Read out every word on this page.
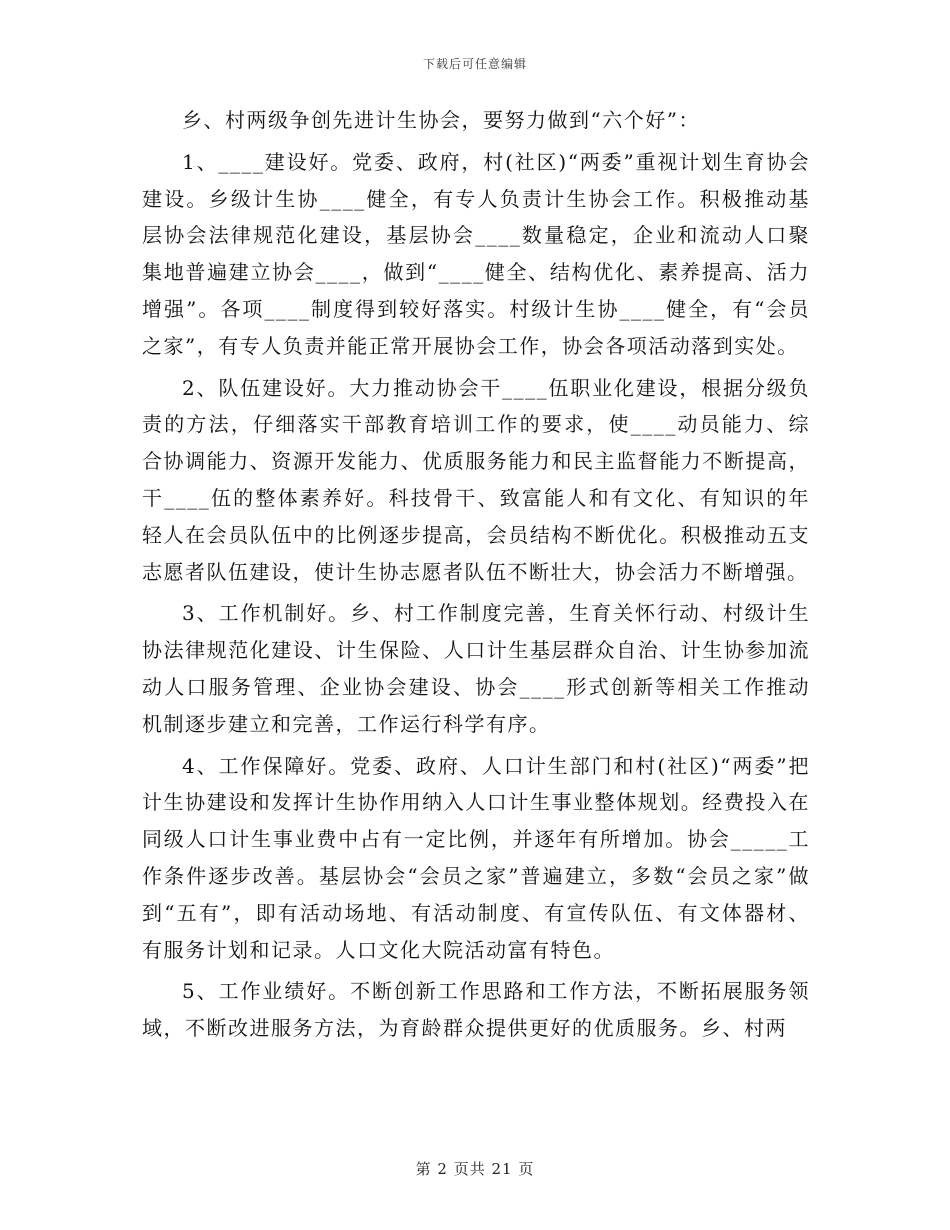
下载后可任意编辑

乡、村两级争创先进计生协会，要努力做到“六个好”：

1、____建设好。党委、政府，村(社区)“两委”重视计划生育协会建设。乡级计生协____健全，有专人负责计生协会工作。积极推动基层协会法律规范化建设，基层协会____数量稳定，企业和流动人口聚集地普遍建立协会____，做到“____健全、结构优化、素养提高、活力增强”。各项____制度得到较好落实。村级计生协____健全，有“会员之家”，有专人负责并能正常开展协会工作，协会各项活动落到实处。

2、队伍建设好。大力推动协会干____伍职业化建设，根据分级负责的方法，仔细落实干部教育培训工作的要求，使____动员能力、综合协调能力、资源开发能力、优质服务能力和民主监督能力不断提高，干____伍的整体素养好。科技骨干、致富能人和有文化、有知识的年轻人在会员队伍中的比例逐步提高，会员结构不断优化。积极推动五支志愿者队伍建设，使计生协志愿者队伍不断壮大，协会活力不断增强。

3、工作机制好。乡、村工作制度完善，生育关怀行动、村级计生协法律规范化建设、计生保险、人口计生基层群众自治、计生协参加流动人口服务管理、企业协会建设、协会____形式创新等相关工作推动机制逐步建立和完善，工作运行科学有序。

4、工作保障好。党委、政府、人口计生部门和村(社区)“两委”把计生协建设和发挥计生协作用纳入人口计生事业整体规划。经费投入在同级人口计生事业费中占有一定比例，并逐年有所增加。协会_____工作条件逐步改善。基层协会“会员之家”普遍建立，多数“会员之家”做到“五有”，即有活动场地、有活动制度、有宣传队伍、有文体器材、有服务计划和记录。人口文化大院活动富有特色。

5、工作业绩好。不断创新工作思路和工作方法，不断拓展服务领域，不断改进服务方法，为育龄群众提供更好的优质服务。乡、村两

第 2 页共 21 页
